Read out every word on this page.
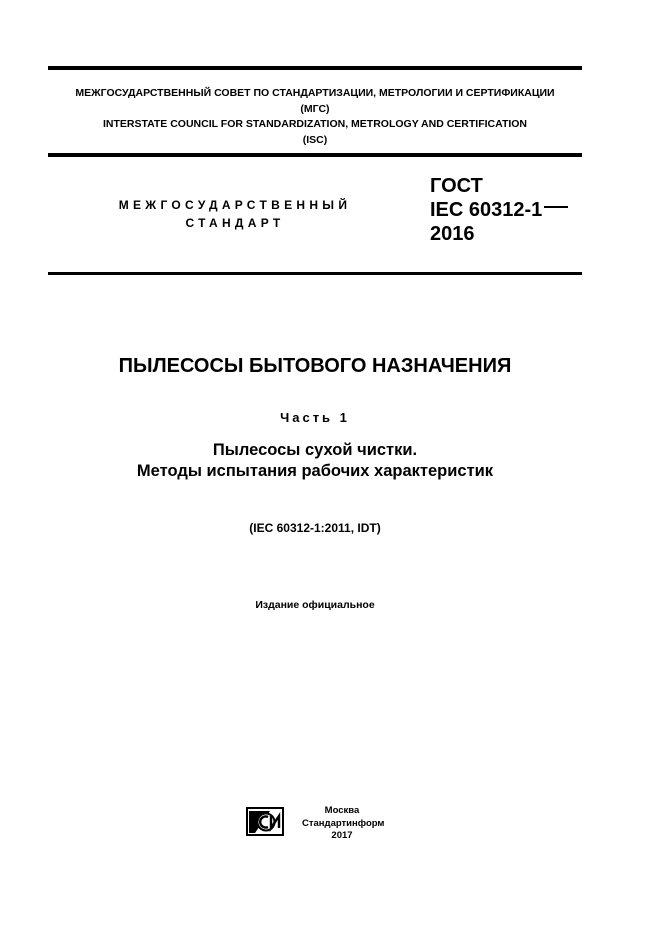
МЕЖГОСУДАРСТВЕННЫЙ СОВЕТ ПО СТАНДАРТИЗАЦИИ, МЕТРОЛОГИИ И СЕРТИФИКАЦИИ
(МГС)
INTERSTATE COUNCIL FOR STANDARDIZATION, METROLOGY AND CERTIFICATION
(ISC)
МЕЖГОСУДАРСТВЕННЫЙ
СТАНДАРТ
ГОСТ
IEC 60312-1
2016
ПЫЛЕСОСЫ БЫТОВОГО НАЗНАЧЕНИЯ
Часть 1
Пылесосы сухой чистки.
Методы испытания рабочих характеристик
(IEC 60312-1:2011, IDT)
Издание официальное
Москва
Стандартинформ
2017
